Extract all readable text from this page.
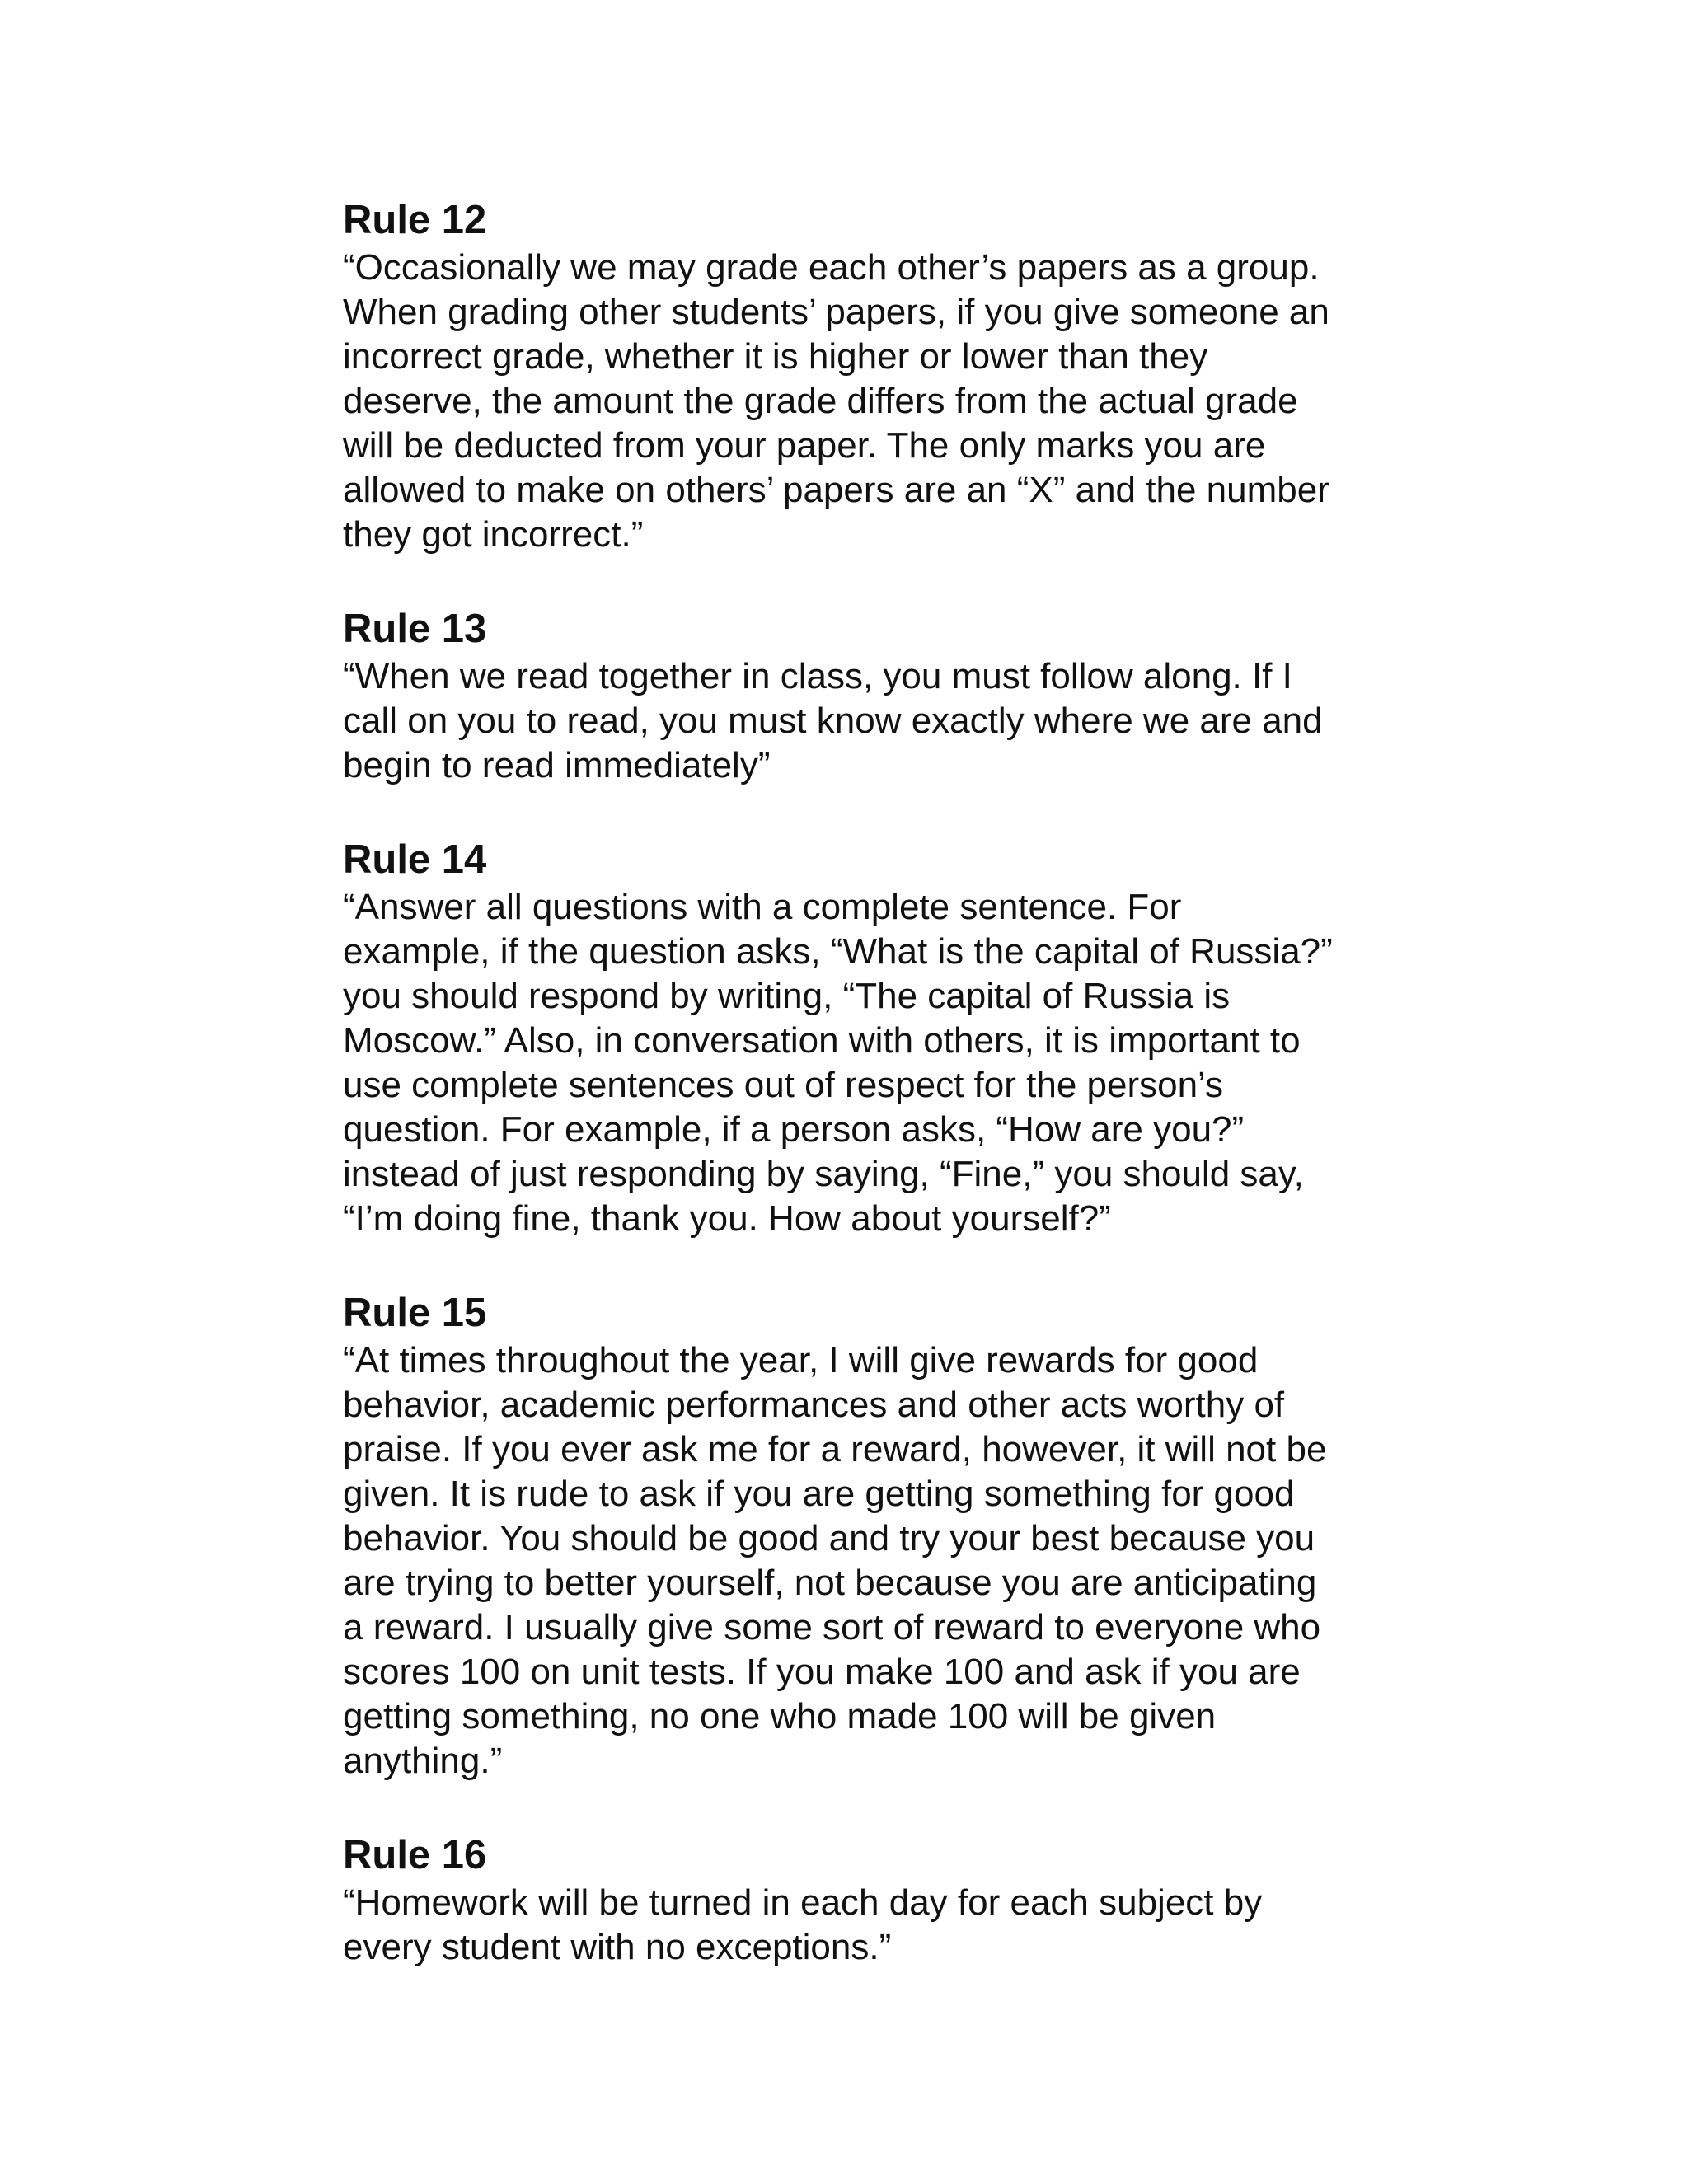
Rule 12

“Occasionally we may grade each other’s papers as a group.
When grading other students’ papers, if you give someone an
incorrect grade, whether it is higher or lower than they
deserve, the amount the grade differs from the actual grade
will be deducted from your paper. The only marks you are
allowed to make on others’ papers are an “X” and the number
they got incorrect.”

Rule 13

“When we read together in class, you must follow along. If I
call on you to read, you must know exactly where we are and
begin to read immediately”

Rule 14

“Answer all questions with a complete sentence. For
example, if the question asks, “What is the capital of Russia?”
you should respond by writing, “The capital of Russia is
Moscow.” Also, in conversation with others, it is important to
use complete sentences out of respect for the person’s
question. For example, if a person asks, “How are you?”
instead of just responding by saying, “Fine,” you should say,
“I’m doing fine, thank you. How about yourself?”

Rule 15

“At times throughout the year, I will give rewards for good
behavior, academic performances and other acts worthy of
praise. If you ever ask me for a reward, however, it will not be
given. It is rude to ask if you are getting something for good
behavior. You should be good and try your best because you
are trying to better yourself, not because you are anticipating
a reward. I usually give some sort of reward to everyone who
scores 100 on unit tests. If you make 100 and ask if you are
getting something, no one who made 100 will be given
anything.”

Rule 16

“Homework will be turned in each day for each subject by
every student with no exceptions.”
